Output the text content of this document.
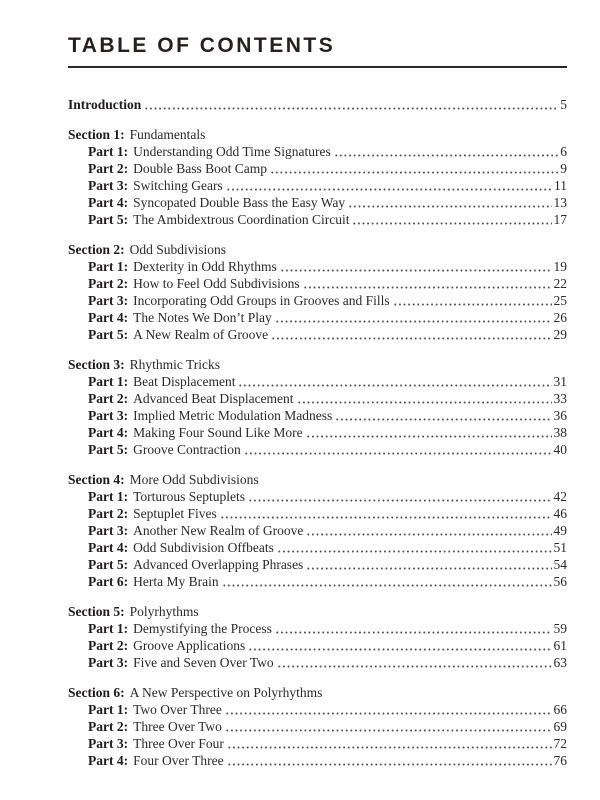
TABLE OF CONTENTS
Introduction	5
Section 1: Fundamentals
Part 1: Understanding Odd Time Signatures	6
Part 2: Double Bass Boot Camp	9
Part 3: Switching Gears	11
Part 4: Syncopated Double Bass the Easy Way	13
Part 5: The Ambidextrous Coordination Circuit	17
Section 2: Odd Subdivisions
Part 1: Dexterity in Odd Rhythms	19
Part 2: How to Feel Odd Subdivisions	22
Part 3: Incorporating Odd Groups in Grooves and Fills	25
Part 4: The Notes We Don’t Play	26
Part 5: A New Realm of Groove	29
Section 3: Rhythmic Tricks
Part 1: Beat Displacement	31
Part 2: Advanced Beat Displacement	33
Part 3: Implied Metric Modulation Madness	36
Part 4: Making Four Sound Like More	38
Part 5: Groove Contraction	40
Section 4: More Odd Subdivisions
Part 1: Torturous Septuplets	42
Part 2: Septuplet Fives	46
Part 3: Another New Realm of Groove	49
Part 4: Odd Subdivision Offbeats	51
Part 5: Advanced Overlapping Phrases	54
Part 6: Herta My Brain	56
Section 5: Polyrhythms
Part 1: Demystifying the Process	59
Part 2: Groove Applications	61
Part 3: Five and Seven Over Two	63
Section 6: A New Perspective on Polyrhythms
Part 1: Two Over Three	66
Part 2: Three Over Two	69
Part 3: Three Over Four	72
Part 4: Four Over Three	76
